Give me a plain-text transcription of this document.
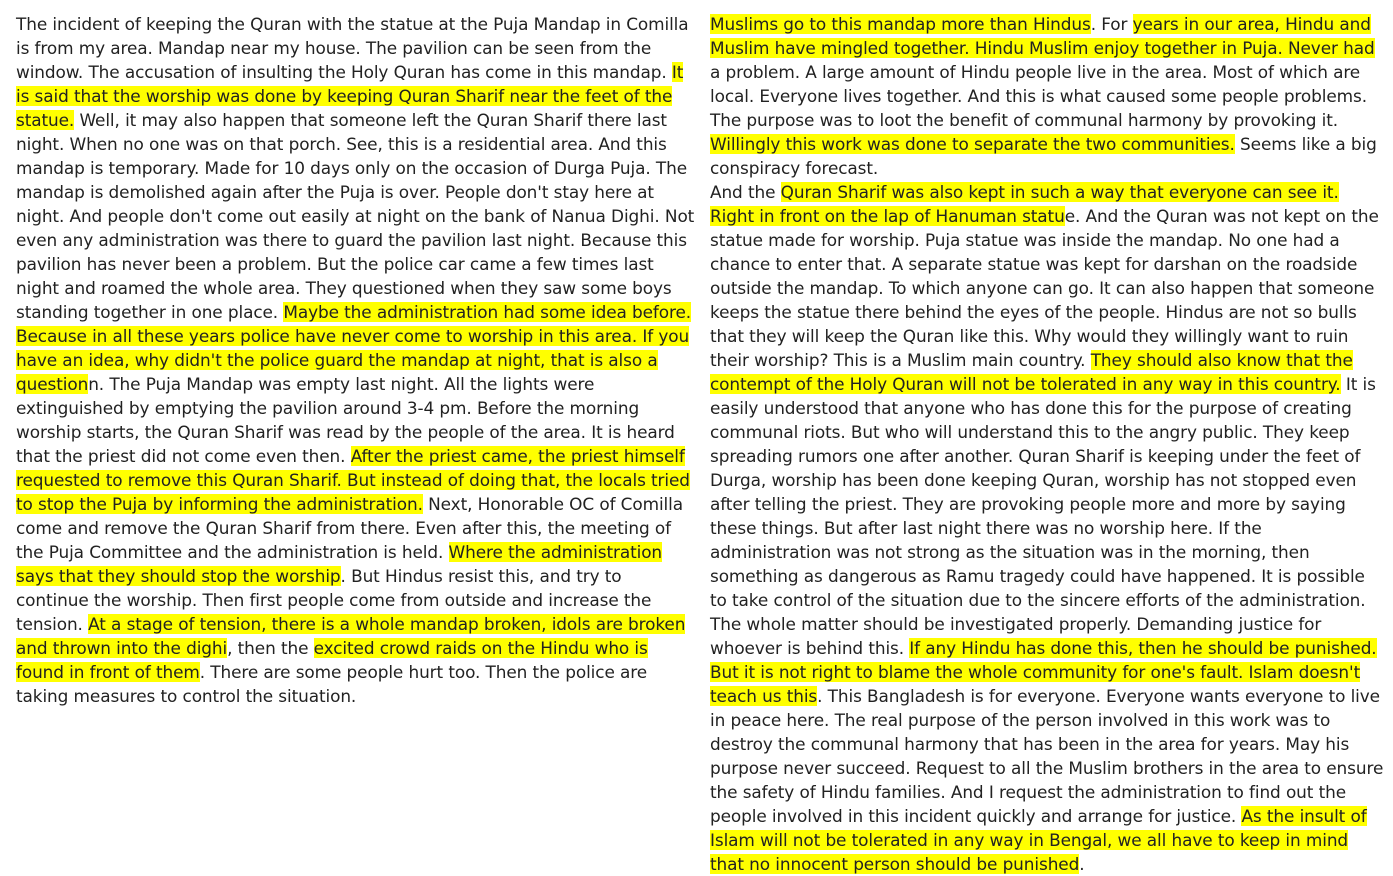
The incident of keeping the Quran with the statue at the Puja Mandap in Comilla is from my area. Mandap near my house. The pavilion can be seen from the window. The accusation of insulting the Holy Quran has come in this mandap. It is said that the worship was done by keeping Quran Sharif near the feet of the statue. Well, it may also happen that someone left the Quran Sharif there last night. When no one was on that porch. See, this is a residential area. And this mandap is temporary. Made for 10 days only on the occasion of Durga Puja. The mandap is demolished again after the Puja is over. People don't stay here at night. And people don't come out easily at night on the bank of Nanua Dighi. Not even any administration was there to guard the pavilion last night. Because this pavilion has never been a problem. But the police car came a few times last night and roamed the whole area. They questioned when they saw some boys standing together in one place. Maybe the administration had some idea before. Because in all these years police have never come to worship in this area. If you have an idea, why didn't the police guard the mandap at night, that is also a questionn. The Puja Mandap was empty last night. All the lights were extinguished by emptying the pavilion around 3-4 pm. Before the morning worship starts, the Quran Sharif was read by the people of the area. It is heard that the priest did not come even then. After the priest came, the priest himself requested to remove this Quran Sharif. But instead of doing that, the locals tried to stop the Puja by informing the administration. Next, Honorable OC of Comilla come and remove the Quran Sharif from there. Even after this, the meeting of the Puja Committee and the administration is held. Where the administration says that they should stop the worship. But Hindus resist this, and try to continue the worship. Then first people come from outside and increase the tension. At a stage of tension, there is a whole mandap broken, idols are broken and thrown into the dighi, then the excited crowd raids on the Hindu who is found in front of them. There are some people hurt too. Then the police are taking measures to control the situation.
Muslims go to this mandap more than Hindus. For years in our area, Hindu and Muslim have mingled together. Hindu Muslim enjoy together in Puja. Never had a problem. A large amount of Hindu people live in the area. Most of which are local. Everyone lives together. And this is what caused some people problems. The purpose was to loot the benefit of communal harmony by provoking it. Willingly this work was done to separate the two communities. Seems like a big conspiracy forecast.
And the Quran Sharif was also kept in such a way that everyone can see it. Right in front on the lap of Hanuman statue. And the Quran was not kept on the statue made for worship. Puja statue was inside the mandap. No one had a chance to enter that. A separate statue was kept for darshan on the roadside outside the mandap. To which anyone can go. It can also happen that someone keeps the statue there behind the eyes of the people. Hindus are not so bulls that they will keep the Quran like this. Why would they willingly want to ruin their worship? This is a Muslim main country. They should also know that the contempt of the Holy Quran will not be tolerated in any way in this country. It is easily understood that anyone who has done this for the purpose of creating communal riots. But who will understand this to the angry public. They keep spreading rumors one after another. Quran Sharif is keeping under the feet of Durga, worship has been done keeping Quran, worship has not stopped even after telling the priest. They are provoking people more and more by saying these things. But after last night there was no worship here. If the administration was not strong as the situation was in the morning, then something as dangerous as Ramu tragedy could have happened. It is possible to take control of the situation due to the sincere efforts of the administration. The whole matter should be investigated properly. Demanding justice for whoever is behind this. If any Hindu has done this, then he should be punished. But it is not right to blame the whole community for one's fault. Islam doesn't teach us this. This Bangladesh is for everyone. Everyone wants everyone to live in peace here. The real purpose of the person involved in this work was to destroy the communal harmony that has been in the area for years. May his purpose never succeed. Request to all the Muslim brothers in the area to ensure the safety of Hindu families. And I request the administration to find out the people involved in this incident quickly and arrange for justice. As the insult of Islam will not be tolerated in any way in Bengal, we all have to keep in mind that no innocent person should be punished.
